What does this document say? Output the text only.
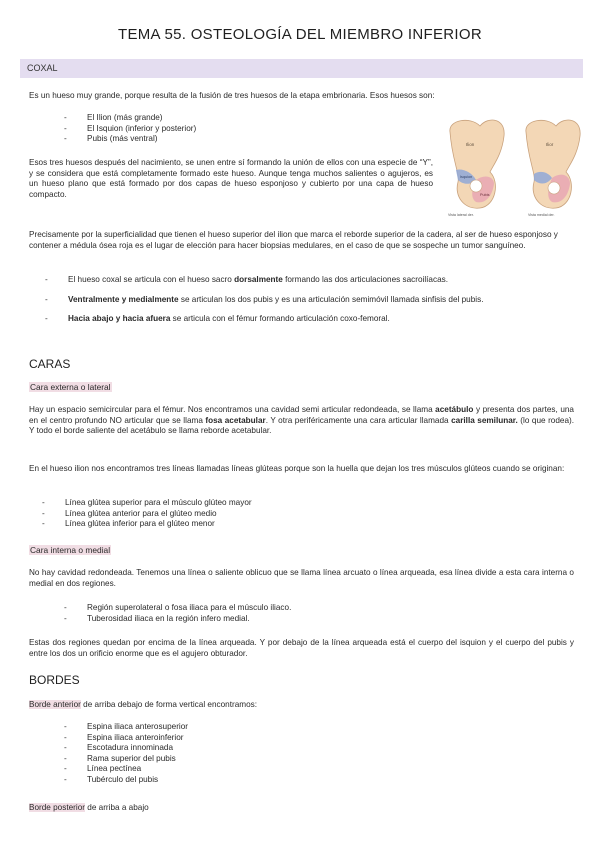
TEMA 55. OSTEOLOGÍA DEL MIEMBRO INFERIOR
COXAL

Es un hueso muy grande, porque resulta de la fusión de tres huesos de la etapa embrionaria. Esos huesos son:

- El Ilion (más grande)
- El Isquion (inferior y posterior)
- Pubis (más ventral)
Ilion	Ilior
Isquion
Pubis
Vista lateral der.	Vista medial der.

Esos tres huesos después del nacimiento, se unen entre sí formando la unión de ellos con una especie de “Y”, y se considera que está completamente formado este hueso. Aunque tenga muchos salientes o agujeros, es un hueso plano que está formado por dos capas de hueso esponjoso y cubierto por una capa de hueso compacto.

Precisamente por la superficialidad que tienen el hueso superior del ilion que marca el reborde superior de la cadera, al ser de hueso esponjoso y contener a médula ósea roja es el lugar de elección para hacer biopsias medulares, en el caso de que se sospeche un tumor sanguíneo.

- El hueso coxal se articula con el hueso sacro dorsalmente formando las dos articulaciones sacroilíacas.
- Ventralmente y medialmente se articulan los dos pubis y es una articulación semimóvil llamada sinfisis del pubis.
- Hacia abajo y hacia afuera se articula con el fémur formando articulación coxo-femoral.
CARAS
Cara externa o lateral

Hay un espacio semicircular para el fémur. Nos encontramos una cavidad semi articular redondeada, se llama acetábulo y presenta dos partes, una en el centro profundo NO articular que se llama fosa acetabular. Y otra periféricamente una cara articular llamada carilla semilunar. (lo que rodea). Y todo el borde saliente del acetábulo se llama reborde acetabular.

En el hueso ilion nos encontramos tres líneas llamadas líneas glúteas porque son la huella que dejan los tres músculos glúteos cuando se originan:

- Línea glútea superior para el músculo glúteo mayor
- Línea glútea anterior para el glúteo medio
- Línea glútea inferior para el glúteo menor
Cara interna o medial

No hay cavidad redondeada. Tenemos una línea o saliente oblicuo que se llama línea arcuato o línea arqueada, esa línea divide a esta cara interna o medial en dos regiones.

- Región superolateral o fosa iliaca para el músculo iliaco.
- Tuberosidad iliaca en la región infero medial.

Estas dos regiones quedan por encima de la línea arqueada. Y por debajo de la línea arqueada está el cuerpo del isquion y el cuerpo del pubis y entre los dos un orificio enorme que es el agujero obturador.

BORDES

Borde anterior de arriba debajo de forma vertical encontramos:

- Espina iliaca anterosuperior
- Espina iliaca anteroinferior
- Escotadura innominada
- Rama superior del pubis
- Línea pectínea
- Tubérculo del pubis

Borde posterior de arriba a abajo
